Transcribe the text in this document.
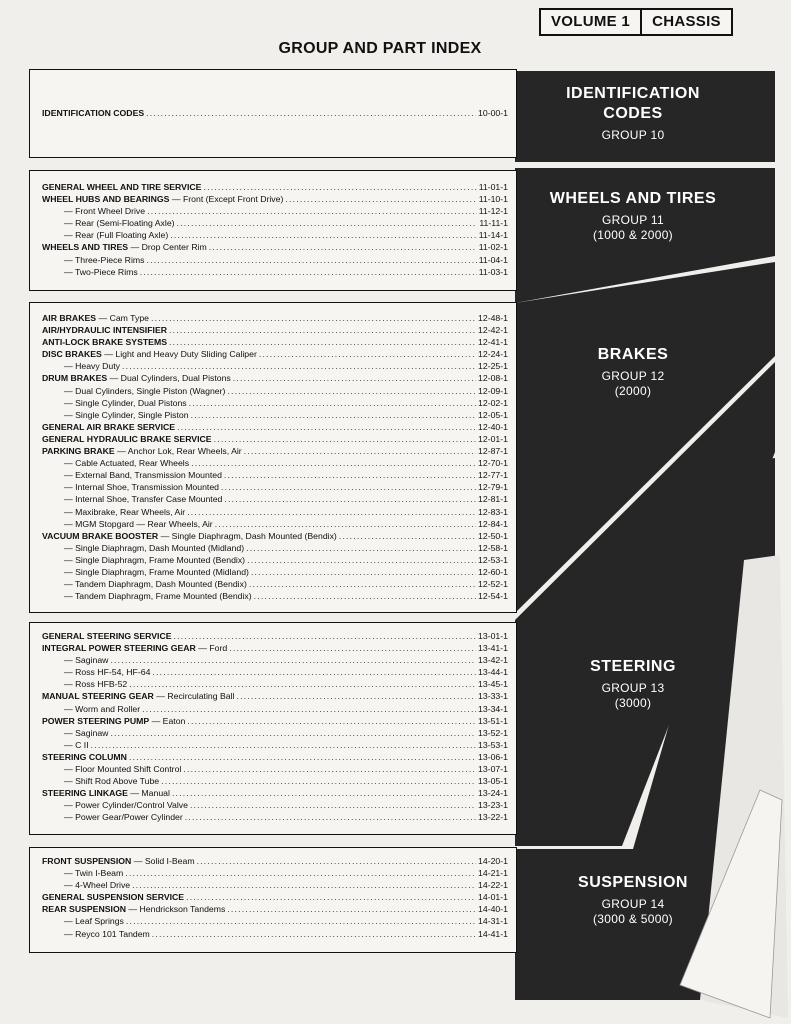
VOLUME 1	CHASSIS
GROUP AND PART INDEX
IDENTIFICATION CODES .....	10-00-1
GENERAL WHEEL AND TIRE SERVICE .....	11-01-1
WHEEL HUBS AND BEARINGS — Front (Except Front Drive) .....	11-10-1
— Front Wheel Drive .....	11-12-1
— Rear (Semi-Floating Axle) .....	11-11-1
— Rear (Full Floating Axle) .....	11-14-1
WHEELS AND TIRES — Drop Center Rim .....	11-02-1
— Three-Piece Rims .....	11-04-1
— Two-Piece Rims .....	11-03-1
AIR BRAKES — Cam Type .....	12-48-1
AIR/HYDRAULIC INTENSIFIER .....	12-42-1
ANTI-LOCK BRAKE SYSTEMS .....	12-41-1
DISC BRAKES — Light and Heavy Duty Sliding Caliper .....	12-24-1
— Heavy Duty .....	12-25-1
DRUM BRAKES — Dual Cylinders, Dual Pistons .....	12-08-1
— Dual Cylinders, Single Piston (Wagner) .....	12-09-1
— Single Cylinder, Dual Pistons .....	12-02-1
— Single Cylinder, Single Piston .....	12-05-1
GENERAL AIR BRAKE SERVICE .....	12-40-1
GENERAL HYDRAULIC BRAKE SERVICE .....	12-01-1
PARKING BRAKE — Anchor Lok, Rear Wheels, Air .....	12-87-1
— Cable Actuated, Rear Wheels .....	12-70-1
— External Band, Transmission Mounted .....	12-77-1
— Internal Shoe, Transmission Mounted .....	12-79-1
— Internal Shoe, Transfer Case Mounted .....	12-81-1
— Maxibrake, Rear Wheels, Air .....	12-83-1
— MGM Stopgard — Rear Wheels, Air .....	12-84-1
VACUUM BRAKE BOOSTER — Single Diaphragm, Dash Mounted (Bendix) .....	12-50-1
— Single Diaphragm, Dash Mounted (Midland) .....	12-58-1
— Single Diaphragm, Frame Mounted (Bendix) .....	12-53-1
— Single Diaphragm, Frame Mounted (Midland) .....	12-60-1
— Tandem Diaphragm, Dash Mounted (Bendix) .....	12-52-1
— Tandem Diaphragm, Frame Mounted (Bendix) .....	12-54-1
GENERAL STEERING SERVICE .....	13-01-1
INTEGRAL POWER STEERING GEAR — Ford .....	13-41-1
— Saginaw .....	13-42-1
— Ross HF-54, HF-64 .....	13-44-1
— Ross HFB-52 .....	13-45-1
MANUAL STEERING GEAR — Recirculating Ball .....	13-33-1
— Worm and Roller .....	13-34-1
POWER STEERING PUMP — Eaton .....	13-51-1
— Saginaw .....	13-52-1
— C II .....	13-53-1
STEERING COLUMN .....	13-06-1
— Floor Mounted Shift Control .....	13-07-1
— Shift Rod Above Tube .....	13-05-1
STEERING LINKAGE — Manual .....	13-24-1
— Power Cylinder/Control Valve .....	13-23-1
— Power Gear/Power Cylinder .....	13-22-1
FRONT SUSPENSION — Solid I-Beam .....	14-20-1
— Twin I-Beam .....	14-21-1
— 4-Wheel Drive .....	14-22-1
GENERAL SUSPENSION SERVICE .....	14-01-1
REAR SUSPENSION — Hendrickson Tandems .....	14-40-1
— Leaf Springs .....	14-31-1
— Reyco 101 Tandem .....	14-41-1
IDENTIFICATION
CODES
GROUP 10
WHEELS AND TIRES
GROUP 11
(1000 & 2000)
BRAKES
GROUP 12
(2000)
STEERING
GROUP 13
(3000)
SUSPENSION
GROUP 14
(3000 & 5000)
